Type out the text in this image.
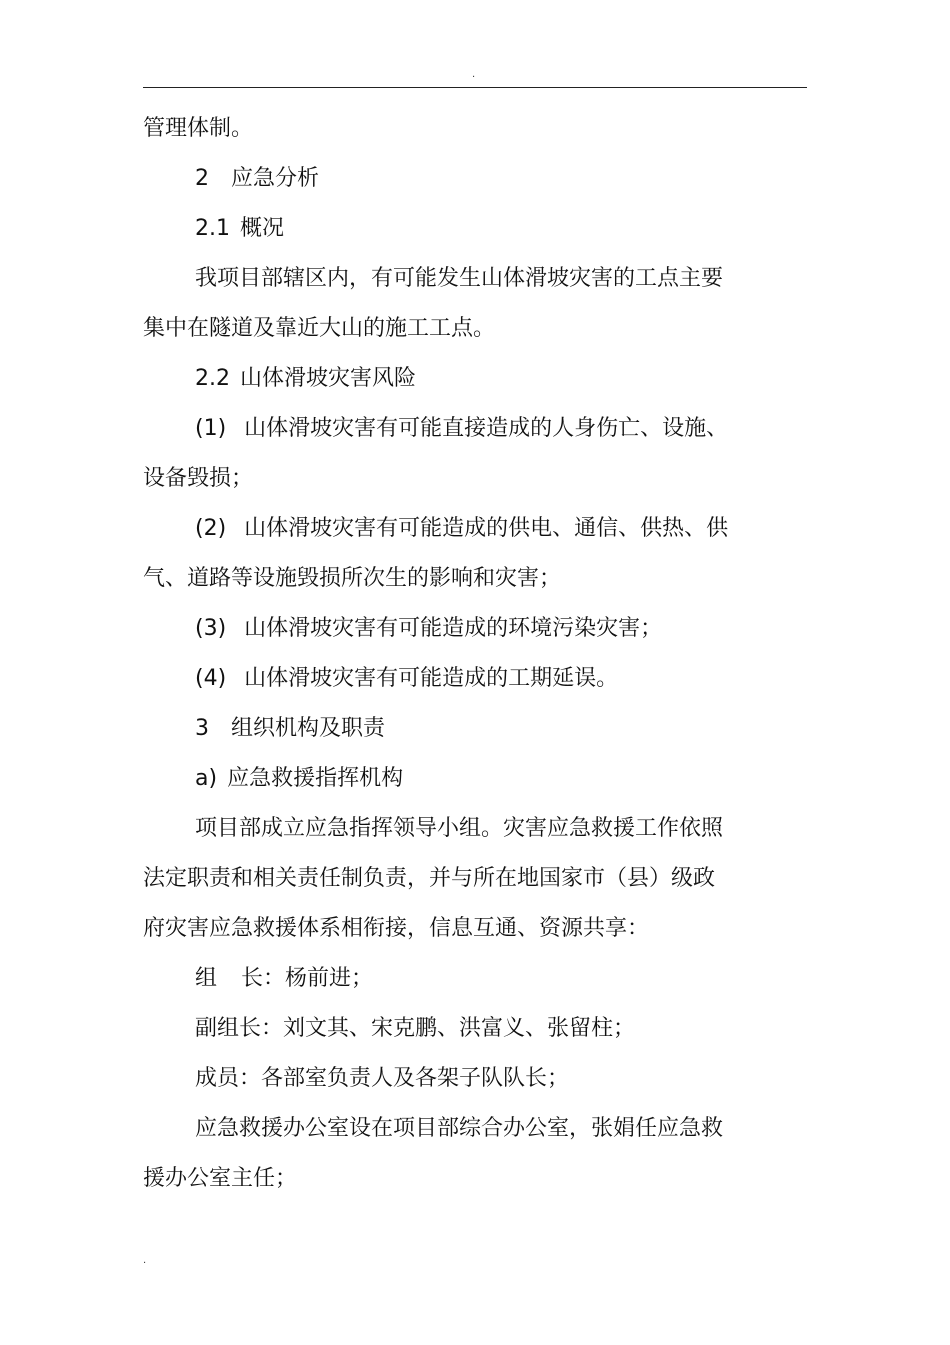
.
管理体制。
2 应急分析
2.1 概况
我项目部辖区内，有可能发生山体滑坡灾害的工点主要
集中在隧道及靠近大山的施工工点。
2.2 山体滑坡灾害风险
(1) 山体滑坡灾害有可能直接造成的人身伤亡、设施、
设备毁损；
(2) 山体滑坡灾害有可能造成的供电、通信、供热、供
气、道路等设施毁损所次生的影响和灾害；
(3) 山体滑坡灾害有可能造成的环境污染灾害；
(4) 山体滑坡灾害有可能造成的工期延误。
3 组织机构及职责
a) 应急救援指挥机构
项目部成立应急指挥领导小组。灾害应急救援工作依照
法定职责和相关责任制负责，并与所在地国家市（县）级政
府灾害应急救援体系相衔接，信息互通、资源共享：
组 长：杨前进；
副组长：刘文其、宋克鹏、洪富义、张留柱；
成员：各部室负责人及各架子队队长；
应急救援办公室设在项目部综合办公室，张娟任应急救
援办公室主任；
.
